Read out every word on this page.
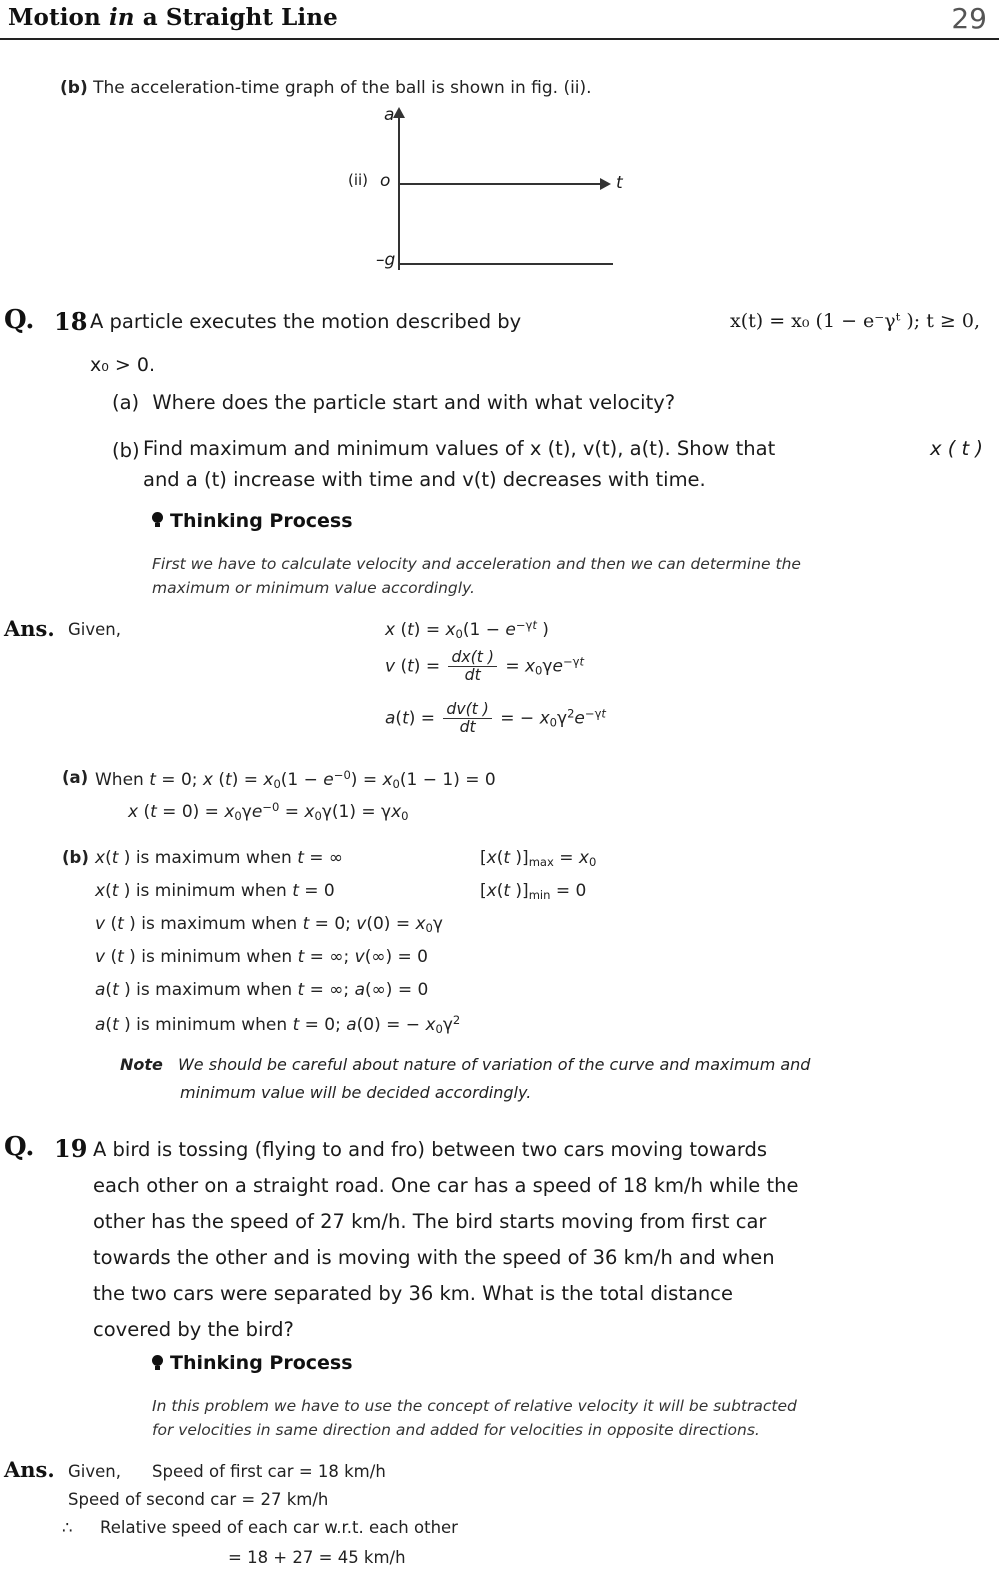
Motion in a Straight Line	29
(b) The acceleration-time graph of the ball is shown in fig. (ii).
(ii) o
a
t
–g
Q. 18 A particle executes the motion described by	x(t) = x₀ (1 − e⁻γᵗ ); t ≥ 0,
x₀ > 0.
(a) Where does the particle start and with what velocity?
(b) Find maximum and minimum values of x (t), v(t), a(t). Show that	x ( t )
and a (t) increase with time and v(t) decreases with time.
Thinking Process
First we have to calculate velocity and acceleration and then we can determine the
maximum or minimum value accordingly.
Ans. Given,	x $(t) = x_0(1 - e^{-\gamma t}$ )
v $(t) = \frac{dx(t )}{dt} = x_0\gamma e^{-\gamma t}$
$a(t) = \frac{dv(t )}{dt}$ = − $x_0\gamma^2e^{-\gamma t}$
(a) When t = 0; x $(t) = x_0(1 - e^{-0}) = x_0(1 - 1) = 0$
x $(t = 0) = x_0\gamma e^{-0} = x_0\gamma(1) = \gamma x_0$
(b) x(t ) is maximum when t = ∞	[x(t )]$_{max} = x_0$
x(t ) is minimum when t = 0	[x(t )]$_{min} = 0$
v (t ) is maximum when t = 0; $v(0) = x_0\gamma$
v (t ) is minimum when t = ∞; v(∞) = 0
a(t ) is maximum when t = ∞; a(∞) = 0
a(t ) is minimum when t = 0; a(0) = − $x_0\gamma^2$
Note We should be careful about nature of variation of the curve and maximum and
minimum value will be decided accordingly.
Q. 19 A bird is tossing (flying to and fro) between two cars moving towards
each other on a straight road. One car has a speed of 18 km/h while the
other has the speed of 27 km/h. The bird starts moving from first car
towards the other and is moving with the speed of 36 km/h and when
the two cars were separated by 36 km. What is the total distance
covered by the bird?
Thinking Process
In this problem we have to use the concept of relative velocity it will be subtracted
for velocities in same direction and added for velocities in opposite directions.
Ans. Given, Speed of first car = 18 km/h
Speed of second car = 27 km/h
∴ Relative speed of each car w.r.t. each other
= 18 + 27 = 45 km/h
